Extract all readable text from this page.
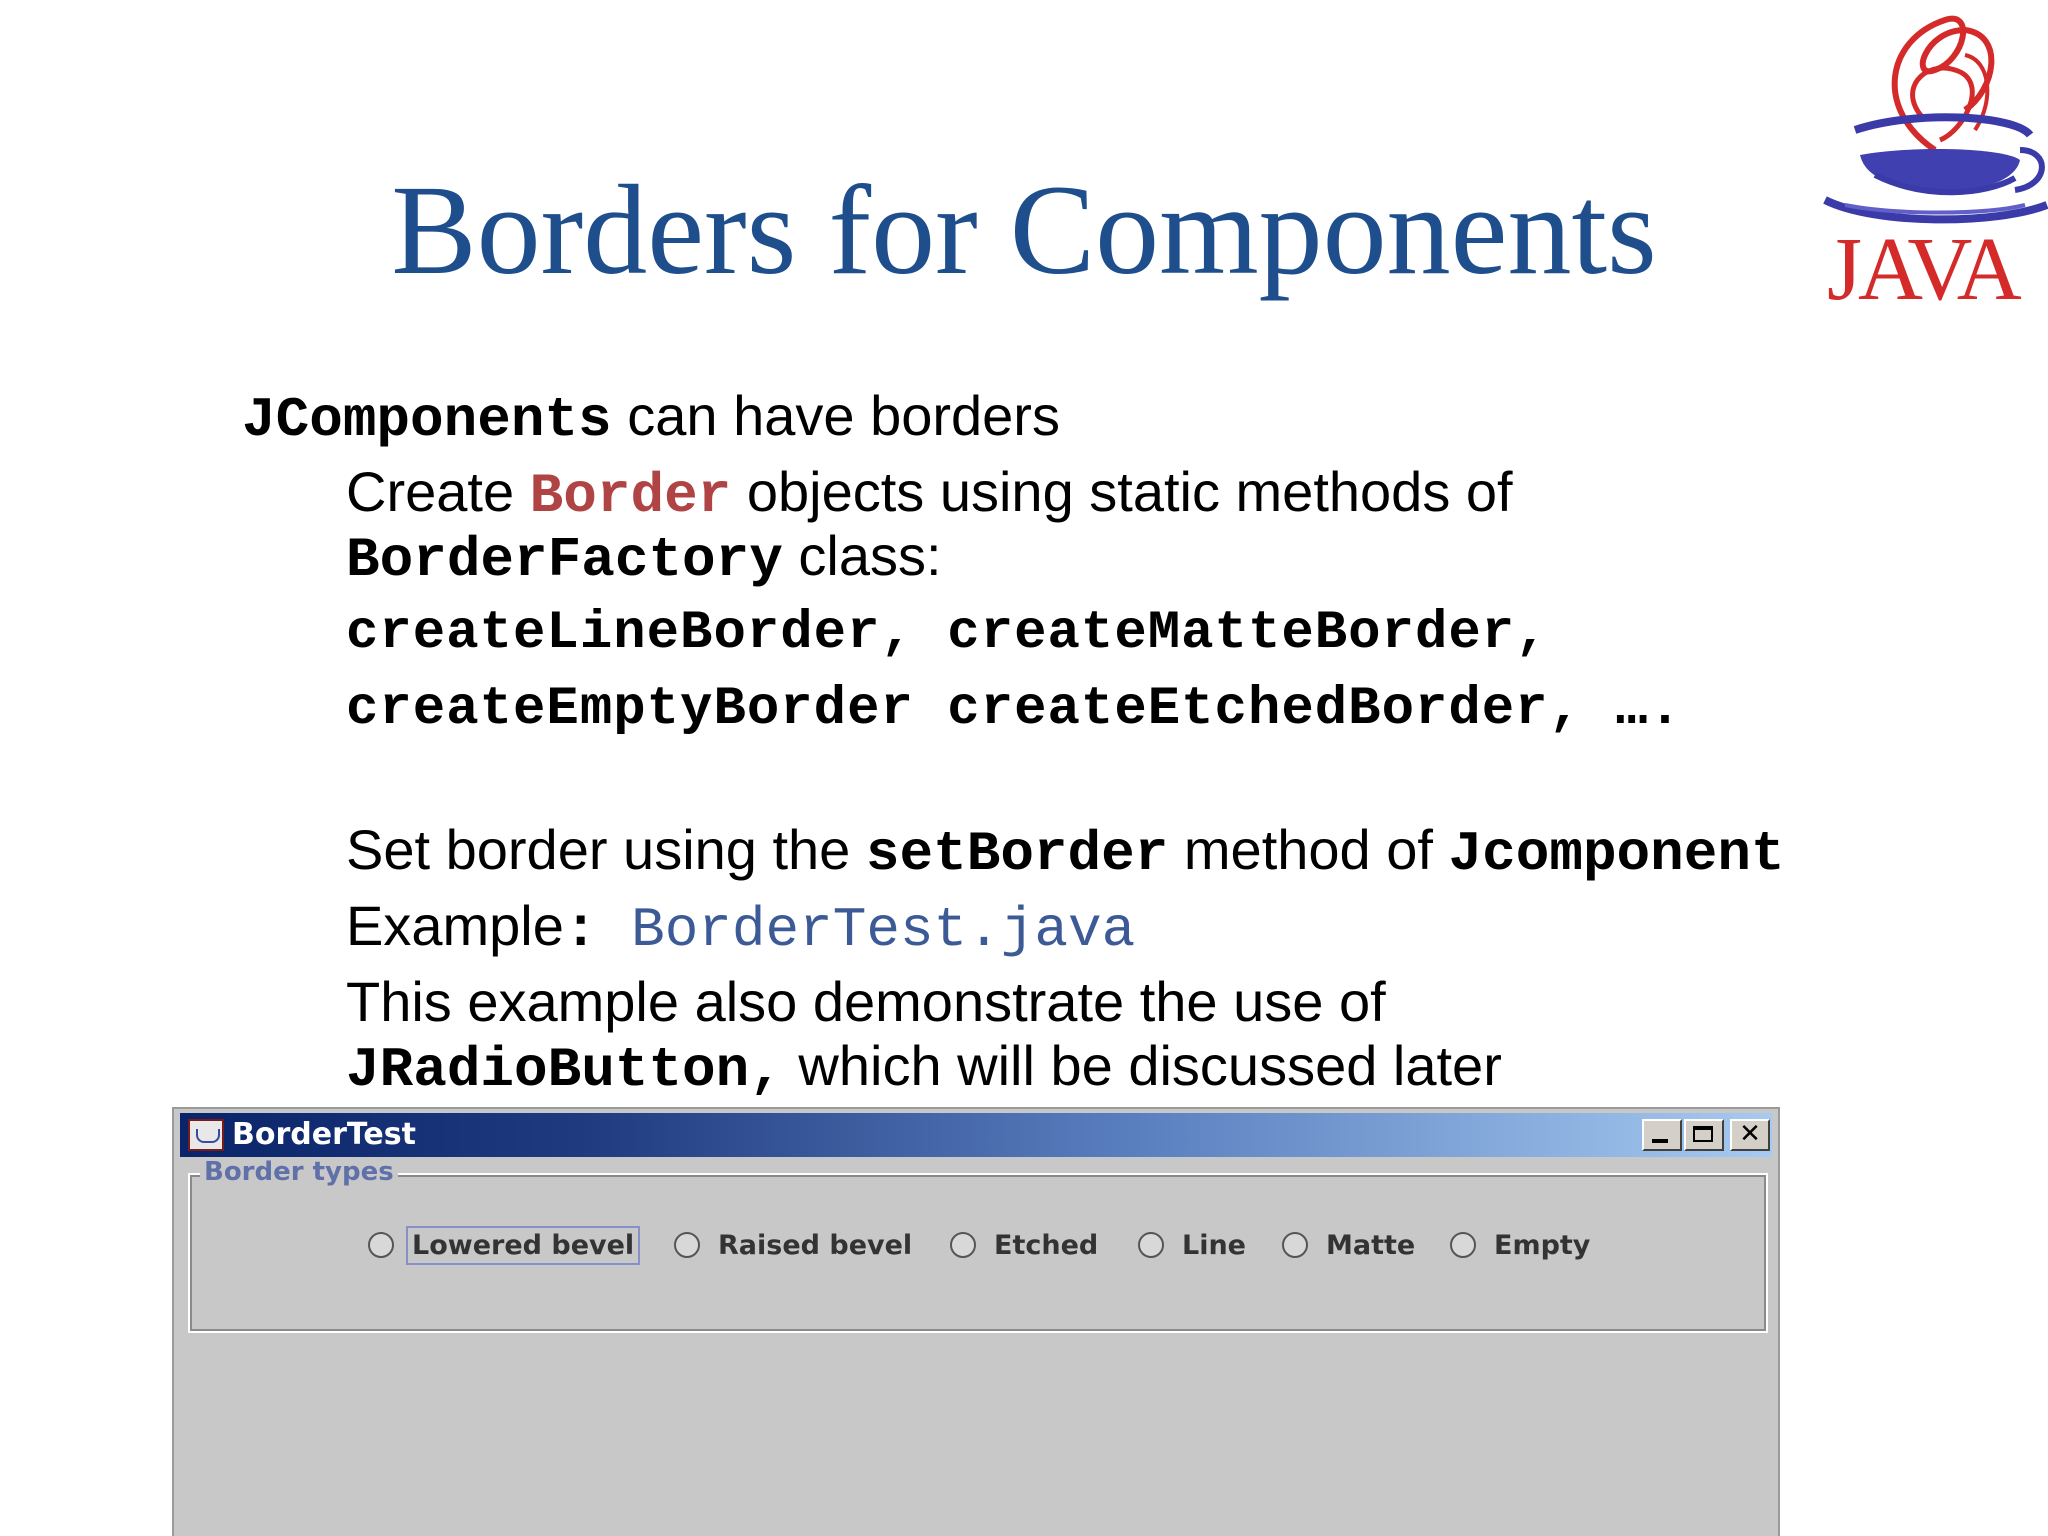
Borders for Components	JAVA
JComponents can have borders
Create Border objects using static methods of
BorderFactory class:
createLineBorder, createMatteBorder,
createEmptyBorder createEtchedBorder, ….
Set border using the setBorder method of Jcomponent
Example: BorderTest.java
This example also demonstrate the use of
JRadioButton, which will be discussed later
BorderTest	✕
Border types
Lowered bevel	Raised bevel	Etched	Line	Matte	Empty
